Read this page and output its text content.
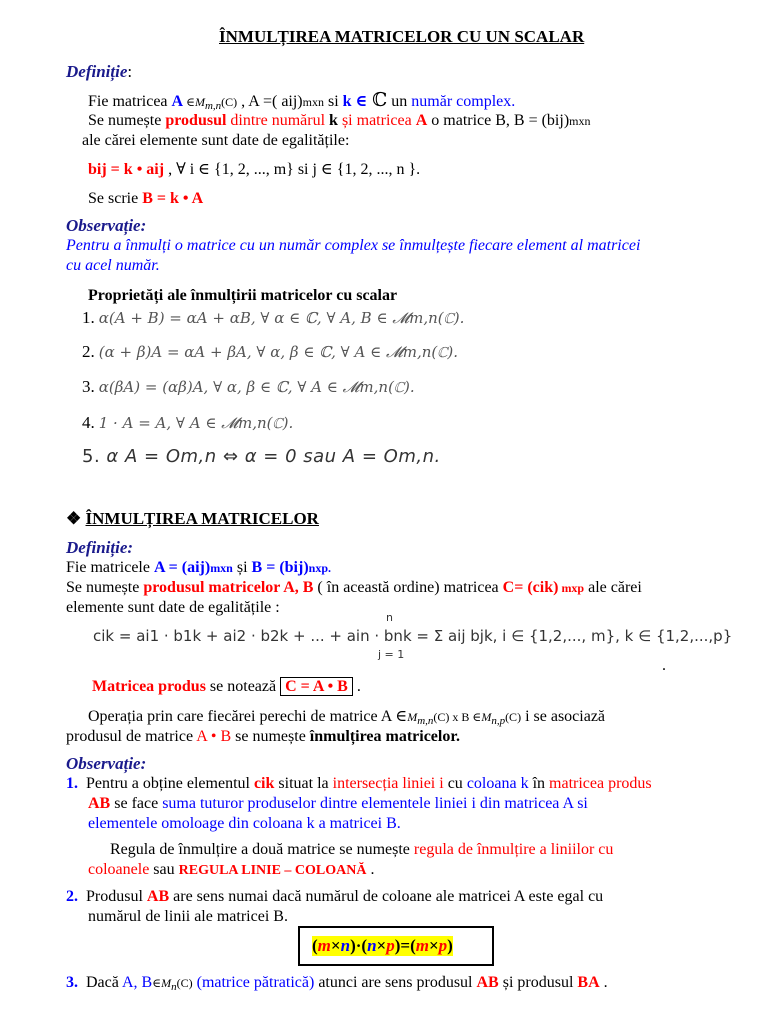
ÎNMULȚIREA MATRICELOR CU UN SCALAR
Definiție:
Fie matricea A $\in M_{m,n}(C)$ , A =( aij)mxn si k ∈ ℂ un număr complex.
Se numește produsul dintre numărul k și matricea A o matrice B, B = (bij)mxn
ale cărei elemente sunt date de egalitățile:
bij = k • aij , ∀ i ∈ {1, 2, ..., m} si j ∈ {1, 2, ..., n }.
Se scrie B = k • A
Observație:
Pentru a înmulți o matrice cu un număr complex se înmulțește fiecare element al matricei
cu acel număr.
Proprietăți ale înmulțirii matricelor cu scalar
1. α(A + B) = αA + αB, ∀ α ∈ ℂ, ∀ A, B ∈ 𝓜m,n(ℂ).
2. (α + β)A = αA + βA, ∀ α, β ∈ ℂ, ∀ A ∈ 𝓜m,n(ℂ).
3. α(βA) = (αβ)A, ∀ α, β ∈ ℂ, ∀ A ∈ 𝓜m,n(ℂ).
4. 1 · A = A, ∀ A ∈ 𝓜m,n(ℂ).
5. α A = Om,n ⇔ α = 0 sau A = Om,n.
❖ ÎNMULȚIREA MATRICELOR
Definiție:
Fie matricele A = (aij)mxn și B = (bij)nxp.
Se numește produsul matricelor A, B ( în această ordine) matricea C= (cik) mxp ale cărei
elemente sunt date de egalitățile :
n
cik = ai1 · b1k + ai2 · b2k + ... + ain · bnk = Σ aij bjk, i ∈ {1,2,..., m}, k ∈ {1,2,...,p}
j = 1
.
Matricea produs se notează C = A • B .
Operația prin care fiecărei perechi de matrice A $\in M_{m,n}(C)$ x B $\in M_{n,p}(C)$ i se asociază
produsul de matrice A • B se numește înmulțirea matricelor.
Observație:
1. Pentru a obține elementul cik situat la intersecția liniei i cu coloana k în matricea produs
AB se face suma tuturor produselor dintre elementele liniei i din matricea A si
elementele omoloage din coloana k a matricei B.
Regula de înmulțire a două matrice se numește regula de înmulțire a liniilor cu
coloanele sau REGULA LINIE – COLOANĂ .
2. Produsul AB are sens numai dacă numărul de coloane ale matricei A este egal cu
numărul de linii ale matricei B.
(m×n)·(n×p)=(m×p)
3. Dacă A, $B\in M_n(C)$ (matrice pătratică) atunci are sens produsul AB și produsul BA .
